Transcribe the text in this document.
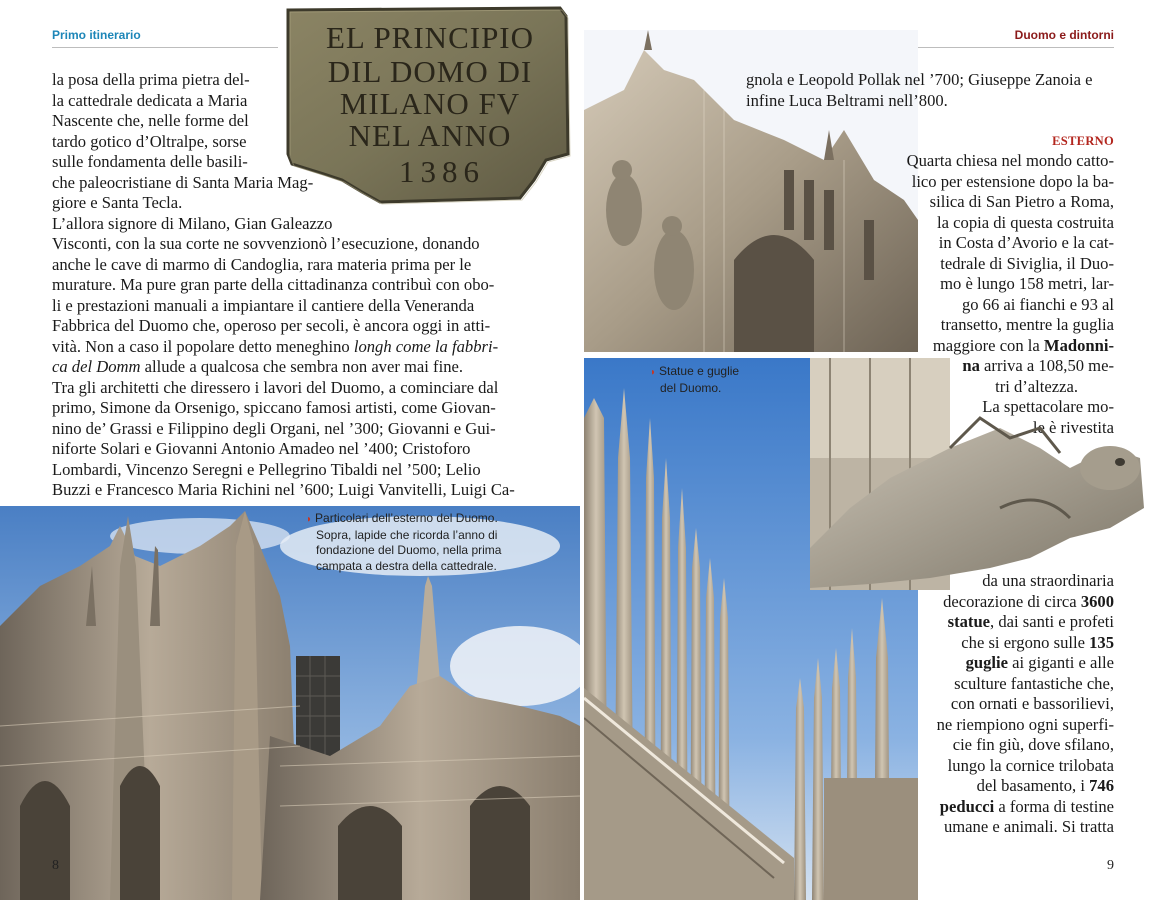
Primo itinerario	Duomo e dintorni
EL PRINCIPIO
DIL DOMO DI
MILANO FV
NEL ANNO
1386
la posa della prima pietra del-
la cattedrale dedicata a Maria
Nascente che, nelle forme del
tardo gotico d’Oltralpe, sorse
sulle fondamenta delle basili-
che paleocristiane di Santa Maria Mag-
giore e Santa Tecla.
L’allora signore di Milano, Gian Galeazzo
Visconti, con la sua corte ne sovvenzionò l’esecuzione, donando
anche le cave di marmo di Candoglia, rara materia prima per le
murature. Ma pure gran parte della cittadinanza contribuì con obo-
li e prestazioni manuali a impiantare il cantiere della Veneranda
Fabbrica del Duomo che, operoso per secoli, è ancora oggi in atti-
vità. Non a caso il popolare detto meneghino longh come la fabbri-
ca del Domm allude a qualcosa che sembra non aver mai fine.
Tra gli architetti che diressero i lavori del Duomo, a cominciare dal
primo, Simone da Orsenigo, spiccano famosi artisti, come Giovan-
nino de’ Grassi e Filippino degli Organi, nel ’300; Giovanni e Gui-
niforte Solari e Giovanni Antonio Amadeo nel ’400; Cristoforo
Lombardi, Vincenzo Seregni e Pellegrino Tibaldi nel ’500; Lelio
Buzzi e Francesco Maria Richini nel ’600; Luigi Vanvitelli, Luigi Ca-
◗ Particolari dell’esterno del Duomo.
Sopra, lapide che ricorda l’anno di
fondazione del Duomo, nella prima
campata a destra della cattedrale.
8
gnola e Leopold Pollak nel ’700; Giuseppe Zanoia e
infine Luca Beltrami nell’800.
ESTERNO
Quarta chiesa nel mondo catto-
lico per estensione dopo la ba-
silica di San Pietro a Roma,
la copia di questa costruita
in Costa d’Avorio e la cat-
tedrale di Siviglia, il Duo-
mo è lungo 158 metri, lar-
go 66 ai fianchi e 93 al
transetto, mentre la guglia
maggiore con la Madonni-
na arriva a 108,50 me-
tri d’altezza.
La spettacolare mo-
le è rivestita
◗ Statue e guglie
del Duomo.
da una straordinaria
decorazione di circa 3600
statue, dai santi e profeti
che si ergono sulle 135
guglie ai giganti e alle
sculture fantastiche che,
con ornati e bassorilievi,
ne riempiono ogni superfi-
cie fin giù, dove sfilano,
lungo la cornice trilobata
del basamento, i 746
peducci a forma di testine
umane e animali. Si tratta
9
